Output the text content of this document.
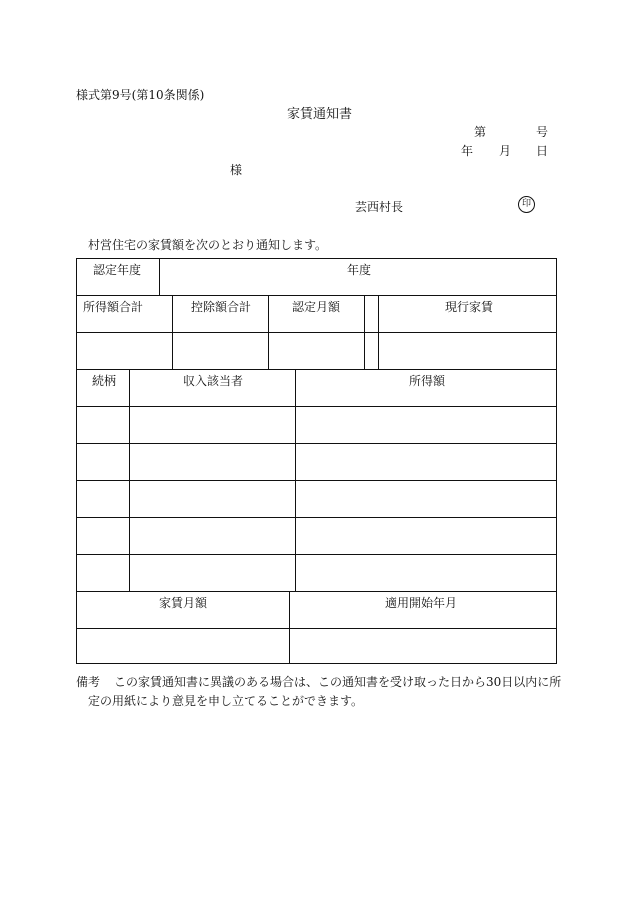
様式第9号(第10条関係)
家賃通知書
第	号
年 月 日
様
芸西村長	印
村営住宅の家賃額を次のとおり通知します。
認定年度	年度
所得額合計	控除額合計	認定月額	現行家賃
続柄	収入該当者	所得額
家賃月額	適用開始年月
備考 この家賃通知書に異議のある場合は、この通知書を受け取った日から30日以内に所
定の用紙により意見を申し立てることができます。
